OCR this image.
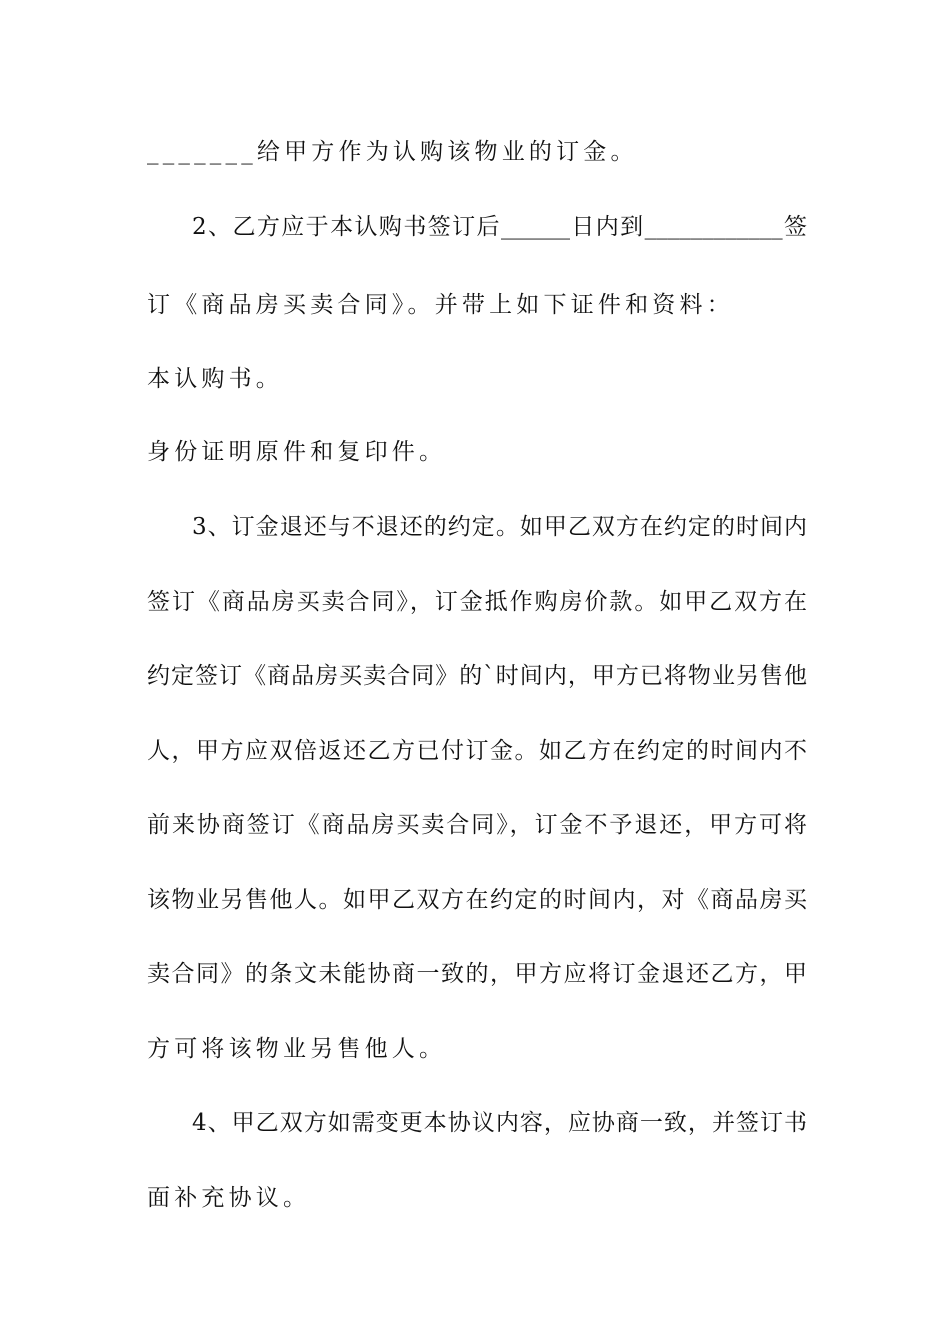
_______给甲方作为认购该物业的订金。
2、乙方应于本认购书签订后______日内到____________签
订《商品房买卖合同》。并带上如下证件和资料：
本认购书。
身份证明原件和复印件。
3、订金退还与不退还的约定。如甲乙双方在约定的时间内
签订《商品房买卖合同》，订金抵作购房价款。如甲乙双方在
约定签订《商品房买卖合同》的`时间内，甲方已将物业另售他
人，甲方应双倍返还乙方已付订金。如乙方在约定的时间内不
前来协商签订《商品房买卖合同》，订金不予退还，甲方可将
该物业另售他人。如甲乙双方在约定的时间内，对《商品房买
卖合同》的条文未能协商一致的，甲方应将订金退还乙方，甲
方可将该物业另售他人。
4、甲乙双方如需变更本协议内容，应协商一致，并签订书
面补充协议。
